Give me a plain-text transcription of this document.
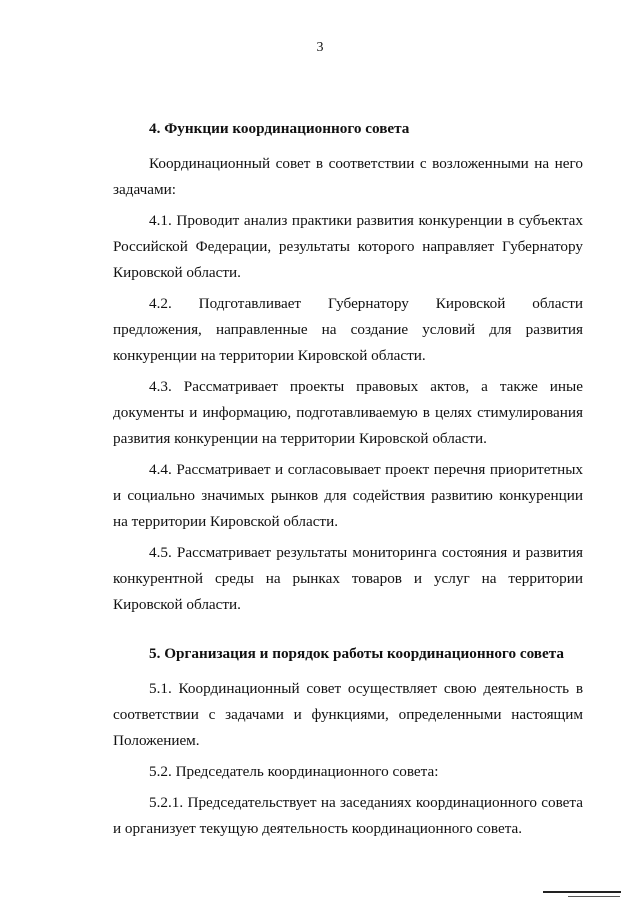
3
4. Функции координационного совета

Координационный совет в соответствии с возложенными на него задачами:

4.1. Проводит анализ практики развития конкуренции в субъектах Российской Федерации, результаты которого направляет Губернатору Кировской области.

4.2. Подготавливает Губернатору Кировской области предложения, направленные на создание условий для развития конкуренции на территории Кировской области.

4.3. Рассматривает проекты правовых актов, а также иные документы и информацию, подготавливаемую в целях стимулирования развития конкуренции на территории Кировской области.

4.4. Рассматривает и согласовывает проект перечня приоритетных и социально значимых рынков для содействия развитию конкуренции на территории Кировской области.

4.5. Рассматривает результаты мониторинга состояния и развития конкурентной среды на рынках товаров и услуг на территории Кировской области.

5. Организация и порядок работы координационного совета

5.1. Координационный совет осуществляет свою деятельность в соответствии с задачами и функциями, определенными настоящим Положением.

5.2. Председатель координационного совета:

5.2.1. Председательствует на заседаниях координационного совета и организует текущую деятельность координационного совета.
